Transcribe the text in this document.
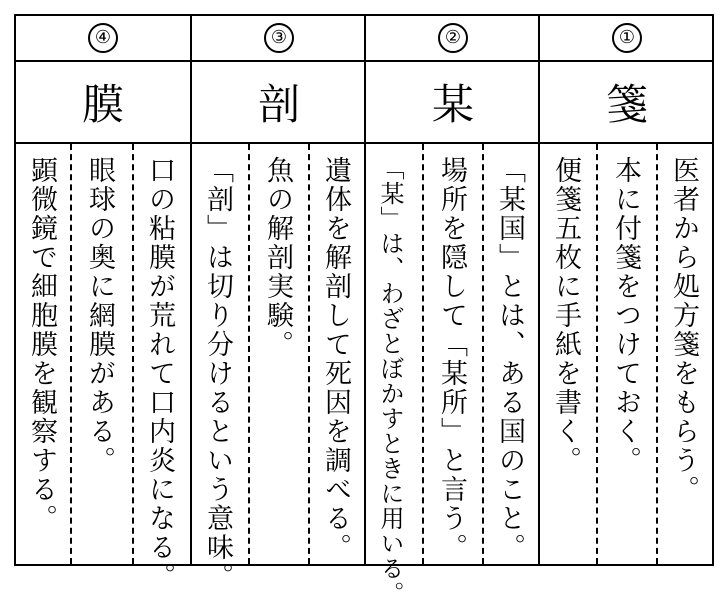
④
膜
顕微鏡で細胞膜を観察する。 眼球の奥に網膜がある。 口の粘膜が荒れて口内炎になる。
③
剖
「剖」は切り分けるという意味。 魚の解剖実験。 遺体を解剖して死因を調べる。
②
某
「某」は、わざとぼかすときに用いる。 場所を隠して「某所」と言う。 「某国」とは、ある国のこと。
①
箋
便箋五枚に手紙を書く。 本に付箋をつけておく。 医者から処方箋をもらう。
